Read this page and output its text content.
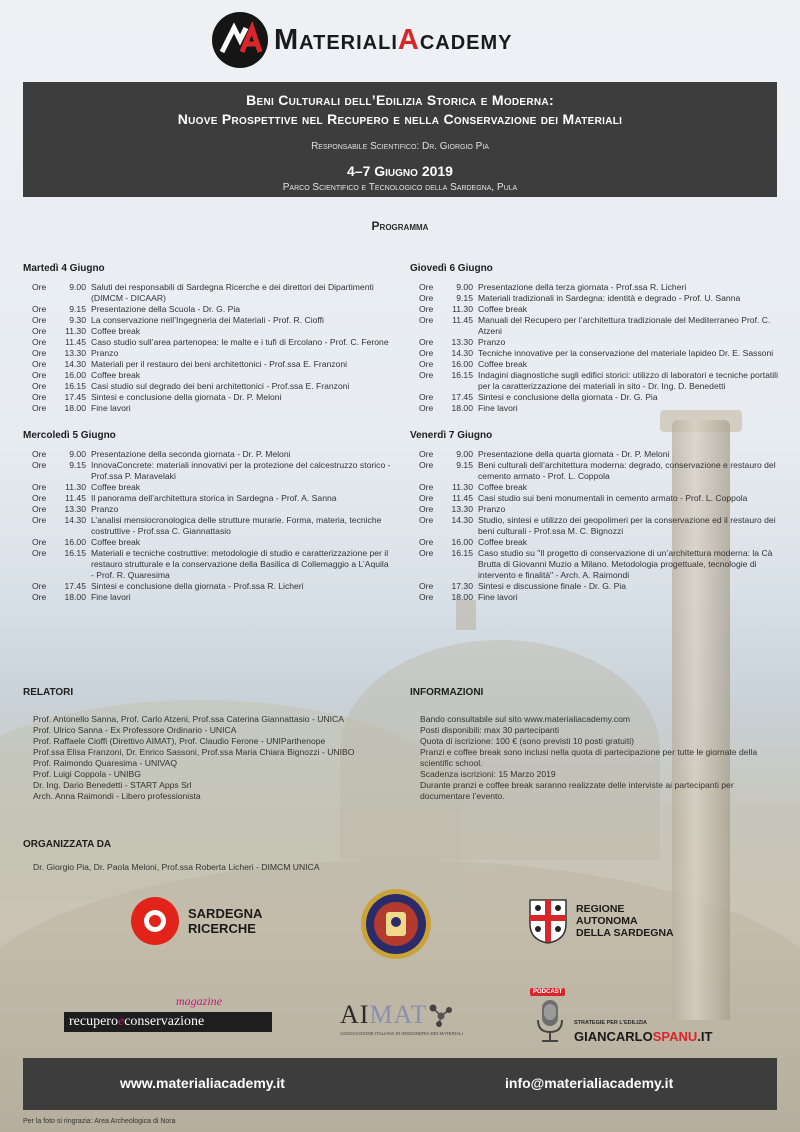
MaterialiAcademy
Beni Culturali dell’Edilizia Storica e Moderna:
Nuove Prospettive nel Recupero e nella Conservazione dei Materiali
Responsabile Scientifico: Dr. Giorgio Pia
4–7 Giugno 2019
Parco Scientifico e Tecnologico della Sardegna, Pula
Programma
Martedì 4 Giugno
Ore	9.00 Saluti dei responsabili di Sardegna Ricerche e dei direttori dei Dipartimenti (DIMCM - DICAAR)
Ore	9.15 Presentazione della Scuola - Dr. G. Pia
Ore	9.30 La conservazione nell’Ingegneria dei Materiali - Prof. R. Cioffi
Ore	11.30 Coffee break
Ore	11.45 Caso studio sull’area partenopea: le malte e i tufi di Ercolano - Prof. C. Ferone
Ore	13.30 Pranzo
Ore	14.30 Materiali per il restauro dei beni architettonici - Prof.ssa E. Franzoni
Ore	16.00 Coffee break
Ore	16.15 Casi studio sul degrado dei beni architettonici - Prof.ssa E. Franzoni
Ore	17.45 Sintesi e conclusione della giornata - Dr. P. Meloni
Ore	18.00 Fine lavori
Mercoledì 5 Giugno
Ore	9.00 Presentazione della seconda giornata - Dr. P. Meloni
Ore	9.15 InnovaConcrete: materiali innovativi per la protezione del calcestruzzo storico - Prof.ssa P. Maravelaki
Ore	11.30 Coffee break
Ore	11.45 Il panorama dell’architettura storica in Sardegna - Prof. A. Sanna
Ore	13.30 Pranzo
Ore	14.30 L’analisi mensiocronologica delle strutture murarie. Forma, materia, tecniche costruttive - Prof.ssa C. Giannattasio
Ore	16.00 Coffee break
Ore	16.15 Materiali e tecniche costruttive: metodologie di studio e caratterizzazione per il restauro strutturale e la conservazione della Basilica di Collemaggio a L’Aquila - Prof. R. Quaresima
Ore	17.45 Sintesi e conclusione della giornata - Prof.ssa R. Licheri
Ore	18.00 Fine lavori
Giovedì 6 Giugno
Ore	9.00 Presentazione della terza giornata - Prof.ssa R. Licheri
Ore	9.15 Materiali tradizionali in Sardegna: identità e degrado - Prof. U. Sanna
Ore	11.30 Coffee break
Ore	11.45 Manuali del Recupero per l’architettura tradizionale del Mediterraneo Prof. C. Atzeni
Ore	13.30 Pranzo
Ore	14.30 Tecniche innovative per la conservazione del materiale lapideo Dr. E. Sassoni
Ore	16.00 Coffee break
Ore	16.15 Indagini diagnostiche sugli edifici storici: utilizzo di laboratori e tecniche portatili per la caratterizzazione dei materiali in sito - Dr. Ing. D. Benedetti
Ore	17.45 Sintesi e conclusione della giornata - Dr. G. Pia
Ore	18.00 Fine lavori
Venerdì 7 Giugno
Ore	9.00 Presentazione della quarta giornata - Dr. P. Meloni
Ore	9.15 Beni culturali dell’architettura moderna: degrado, conservazione e restauro del cemento armato - Prof. L. Coppola
Ore	11.30 Coffee break
Ore	11.45 Casi studio sui beni monumentali in cemento armato - Prof. L. Coppola
Ore	13.30 Pranzo
Ore	14.30 Studio, sintesi e utilizzo dei geopolimeri per la conservazione ed il restauro dei beni culturali - Prof.ssa M. C. Bignozzi
Ore	16.00 Coffee break
Ore	16.15 Caso studio su "Il progetto di conservazione di un’architettura moderna: la Cà Brutta di Giovanni Muzio a Milano. Metodologia progettuale, tecnologie di intervento e finalità" - Arch. A. Raimondi
Ore	17.30 Sintesi e discussione finale - Dr. G. Pia
Ore	18.00 Fine lavori
RELATORI
Prof. Antonello Sanna, Prof. Carlo Atzeni, Prof.ssa Caterina Giannattasio - UNICA
Prof. Ulrico Sanna - Ex Professore Ordinario - UNICA
Prof. Raffaele Cioffi (Direttivo AIMAT), Prof. Claudio Ferone - UNIParthenope
Prof.ssa Elisa Franzoni, Dr. Enrico Sassoni, Prof.ssa Maria Chiara Bignozzi - UNIBO
Prof. Raimondo Quaresima - UNIVAQ
Prof. Luigi Coppola - UNIBG
Dr. Ing. Dario Benedetti - START Apps Srl
Arch. Anna Raimondi - Libero professionista
INFORMAZIONI
Bando consultabile sul sito www.materialiacademy.com
Posti disponibili: max 30 partecipanti
Quota di iscrizione: 100 € (sono previsti 10 posti gratuiti)
Pranzi e coffee break sono inclusi nella quota di partecipazione per tutte le giornate della scientific school.
Scadenza iscrizioni: 15 Marzo 2019
Durante pranzi e coffee break saranno realizzate delle interviste ai partecipanti per documentare l’evento.
ORGANIZZATA DA
Dr. Giorgio Pia, Dr. Paola Meloni, Prof.ssa Roberta Licheri - DIMCM UNICA
SARDEGNA
RICERCHE
REGIONE
AUTONOMA
DELLA SARDEGNA
magazine
recuperoeconservazione	AIMAT
ASSOCIAZIONE ITALIANA DI INGEGNERIA DEI MATERIALI
PODCAST
STRATEGIE PER L’EDILIZIA
GIANCARLOSPANU.IT
www.materialiacademy.it	info@materialiacademy.it
Per la foto si ringrazia: Area Archeologica di Nora
